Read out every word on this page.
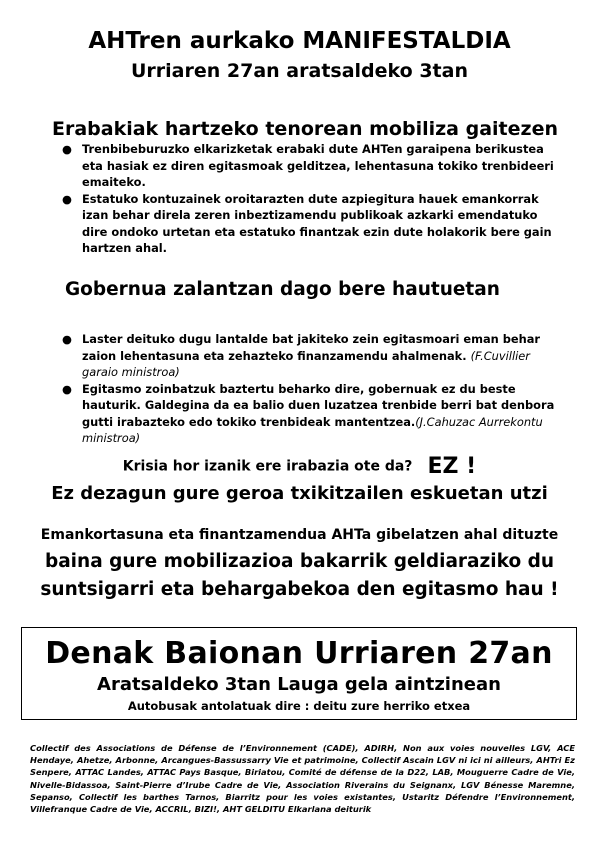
AHTren aurkako MANIFESTALDIA
Urriaren 27an aratsaldeko 3tan
Erabakiak hartzeko tenorean mobiliza gaitezen
● Trenbibeburuzko elkarizketak erabaki dute AHTen garaipena berikustea eta hasiak ez diren egitasmoak gelditzea, lehentasuna tokiko trenbideeri emaiteko.
● Estatuko kontuzainek oroitarazten dute azpiegitura hauek emankorrak izan behar direla zeren inbeztizamendu publikoak azkarki emendatuko dire ondoko urtetan eta estatuko finantzak ezin dute holakorik bere gain hartzen ahal.
Gobernua zalantzan dago bere hautuetan
● Laster deituko dugu lantalde bat jakiteko zein egitasmoari eman behar zaion lehentasuna eta zehazteko finanzamendu ahalmenak. (F.Cuvillier garaio ministroa)
● Egitasmo zoinbatzuk baztertu beharko dire, gobernuak ez du beste hauturik. Galdegina da ea balio duen luzatzea trenbide berri bat denbora gutti irabazteko edo tokiko trenbideak mantentzea.(J.Cahuzac Aurrekontu ministroa)
Krisia hor izanik ere irabazia ote da? EZ !
Ez dezagun gure geroa txikitzailen eskuetan utzi
Emankortasuna eta finantzamendua AHTa gibelatzen ahal dituzte
baina gure mobilizazioa bakarrik geldiaraziko du
suntsigarri eta behargabekoa den egitasmo hau !
Denak Baionan Urriaren 27an
Aratsaldeko 3tan Lauga gela aintzinean
Autobusak antolatuak dire : deitu zure herriko etxea
Collectif des Associations de Défense de l’Environnement (CADE), ADIRH, Non aux voies nouvelles LGV, ACE Hendaye, Ahetze, Arbonne, Arcangues-Bassussarry Vie et patrimoine, Collectif Ascain LGV ni ici ni ailleurs, AHTri Ez Senpere, ATTAC Landes, ATTAC Pays Basque, Biriatou, Comité de défense de la D22, LAB, Mouguerre Cadre de Vie, Nivelle-Bidassoa, Saint-Pierre d’Irube Cadre de Vie, Association Riverains du Seignanx, LGV Bénesse Maremne, Sepanso, Collectif les barthes Tarnos, Biarritz pour les voies existantes, Ustaritz Défendre l’Environnement, Villefranque Cadre de Vie, ACCRIL, BIZI!, AHT GELDITU Elkarlana deiturik
